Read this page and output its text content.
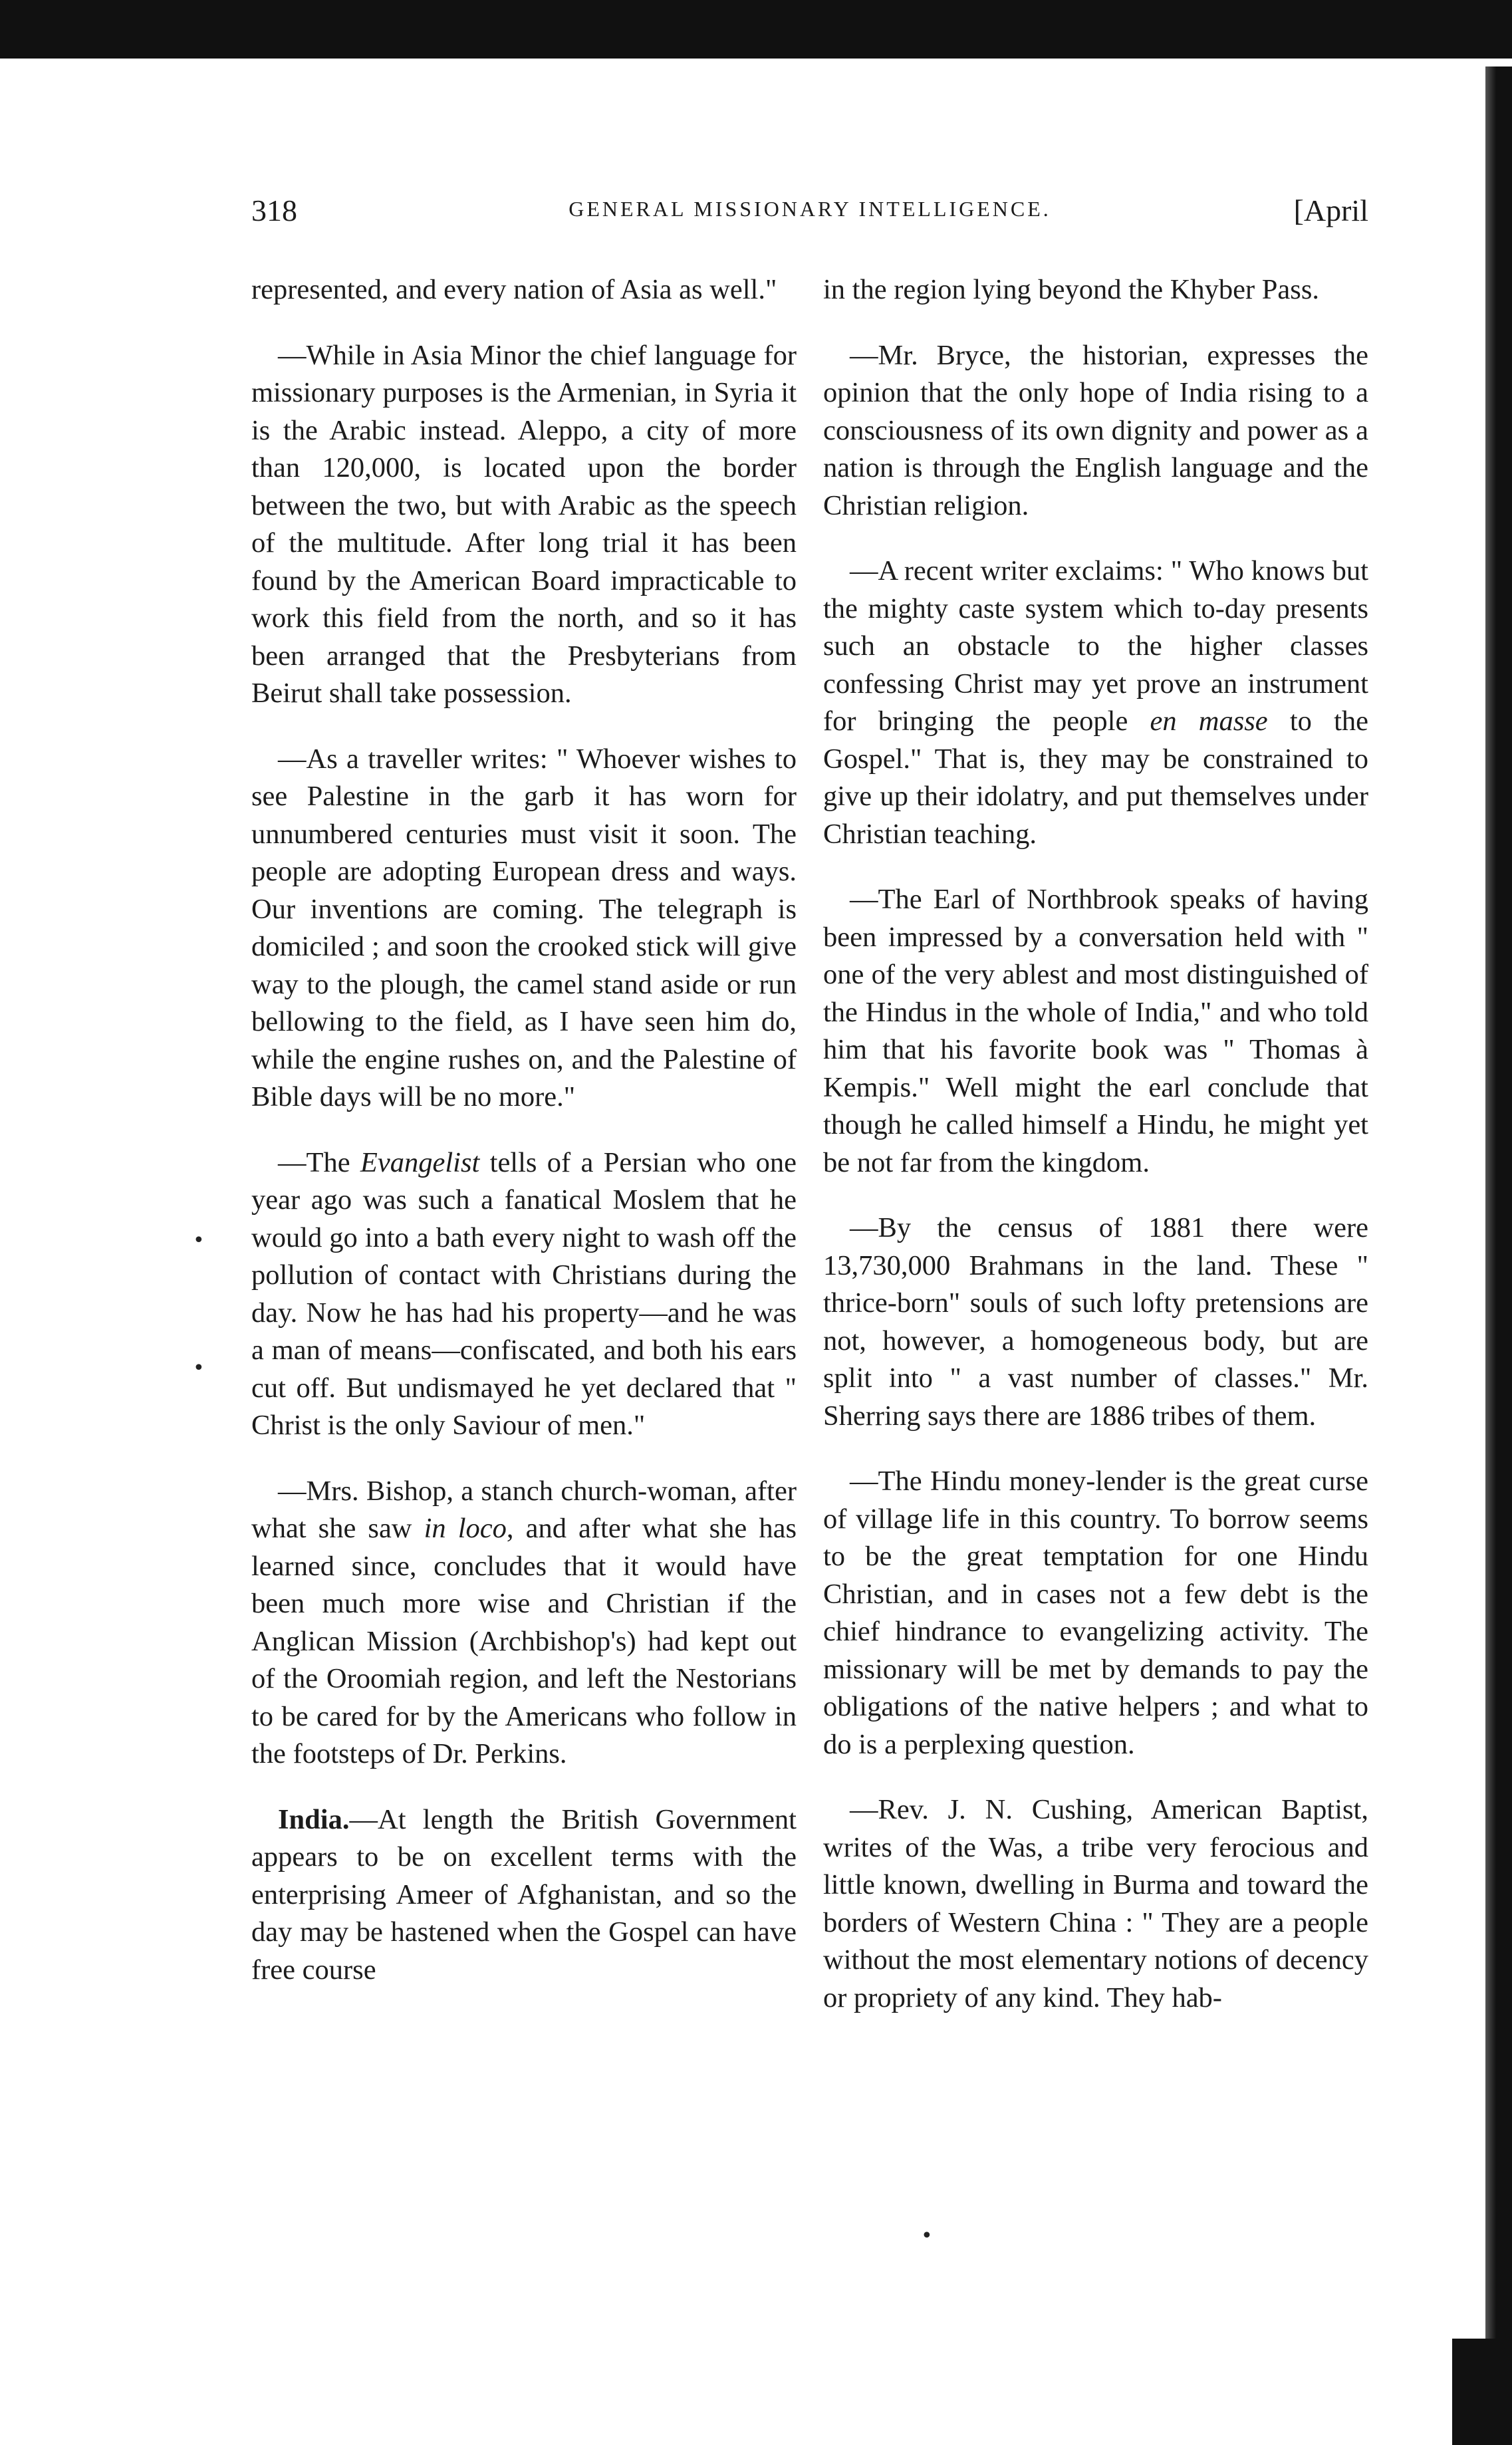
318	GENERAL MISSIONARY INTELLIGENCE.	[April

represented, and every nation of Asia as well."

—While in Asia Minor the chief language for missionary purposes is the Armenian, in Syria it is the Arabic instead. Aleppo, a city of more than 120,000, is located upon the border between the two, but with Arabic as the speech of the multitude. After long trial it has been found by the American Board impracticable to work this field from the north, and so it has been arranged that the Presbyterians from Beirut shall take possession.

—As a traveller writes: " Whoever wishes to see Palestine in the garb it has worn for unnumbered centuries must visit it soon. The people are adopting European dress and ways. Our inventions are coming. The telegraph is domiciled ; and soon the crooked stick will give way to the plough, the camel stand aside or run bellowing to the field, as I have seen him do, while the engine rushes on, and the Palestine of Bible days will be no more."

—The Evangelist tells of a Persian who one year ago was such a fanatical Moslem that he would go into a bath every night to wash off the pollution of contact with Christians during the day. Now he has had his property—and he was a man of means—confiscated, and both his ears cut off. But undismayed he yet declared that " Christ is the only Saviour of men."

—Mrs. Bishop, a stanch church-woman, after what she saw in loco, and after what she has learned since, concludes that it would have been much more wise and Christian if the Anglican Mission (Archbishop's) had kept out of the Oroomiah region, and left the Nestorians to be cared for by the Americans who follow in the footsteps of Dr. Perkins.

India.—At length the British Government appears to be on excellent terms with the enterprising Ameer of Afghanistan, and so the day may be hastened when the Gospel can have free course

in the region lying beyond the Khyber Pass.

—Mr. Bryce, the historian, expresses the opinion that the only hope of India rising to a consciousness of its own dignity and power as a nation is through the English language and the Christian religion.

—A recent writer exclaims: " Who knows but the mighty caste system which to-day presents such an obstacle to the higher classes confessing Christ may yet prove an instrument for bringing the people en masse to the Gospel." That is, they may be constrained to give up their idolatry, and put themselves under Christian teaching.

—The Earl of Northbrook speaks of having been impressed by a conversation held with " one of the very ablest and most distinguished of the Hindus in the whole of India," and who told him that his favorite book was " Thomas à Kempis." Well might the earl conclude that though he called himself a Hindu, he might yet be not far from the kingdom.

—By the census of 1881 there were 13,730,000 Brahmans in the land. These " thrice-born" souls of such lofty pretensions are not, however, a homogeneous body, but are split into " a vast number of classes." Mr. Sherring says there are 1886 tribes of them.

—The Hindu money-lender is the great curse of village life in this country. To borrow seems to be the great temptation for one Hindu Christian, and in cases not a few debt is the chief hindrance to evangelizing activity. The missionary will be met by demands to pay the obligations of the native helpers ; and what to do is a perplexing question.

—Rev. J. N. Cushing, American Baptist, writes of the Was, a tribe very ferocious and little known, dwelling in Burma and toward the borders of Western China : " They are a people without the most elementary notions of decency or propriety of any kind. They hab-

•
•
•
